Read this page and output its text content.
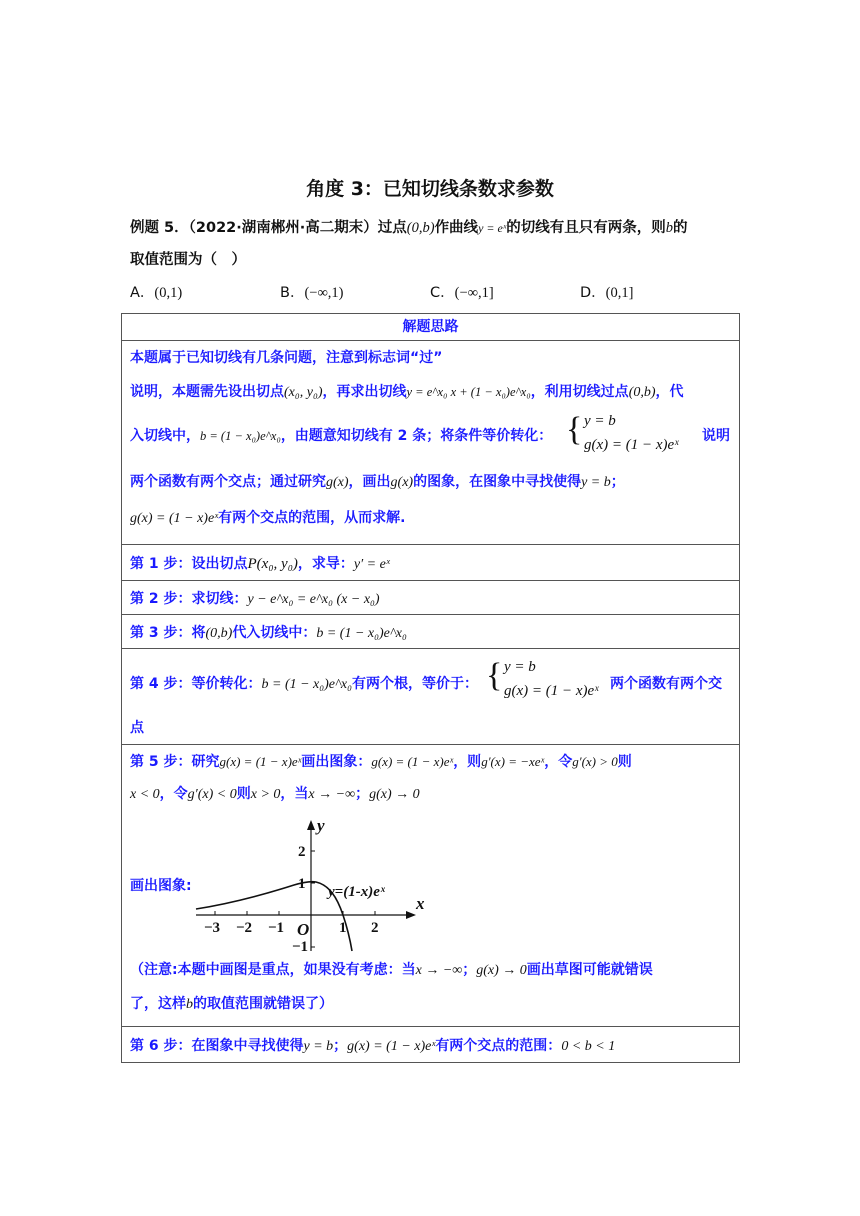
角度 3：已知切线条数求参数
例题 5．（2022·湖南郴州·高二期末）过点(0,b)作曲线y = eˣ的切线有且只有两条，则b的
取值范围为（　）
A．(0,1)	B．(−∞,1)	C．(−∞,1]	D．(0,1]
解题思路
本题属于已知切线有几条问题，注意到标志词“过”
说明，本题需先设出切点(x₀, y₀)，再求出切线y = e^x₀ x + (1 − x₀)e^x₀，利用切线过点(0,b)，代
入切线中，b = (1 − x₀)e^x₀，由题意知切线有 2 条；将条件等价转化： { y = b
g(x) = (1 − x)eˣ
说明
两个函数有两个交点；通过研究g(x)，画出g(x)的图象，在图象中寻找使得y = b；
g(x) = (1 − x)eˣ有两个交点的范围，从而求解.
第 1 步：设出切点P(x₀, y₀)，求导：y′ = eˣ
第 2 步：求切线：y − e^x₀ = e^x₀ (x − x₀)
第 3 步：将(0,b)代入切线中：b = (1 − x₀)e^x₀
第 4 步：等价转化：b = (1 − x₀)e^x₀有两个根，等价于： { y = b
g(x) = (1 − x)eˣ 两个函数有两个交
点
第 5 步：研究g(x) = (1 − x)eˣ画出图象：g(x) = (1 − x)eˣ，则g′(x) = −xeˣ，令g′(x) > 0则
x < 0，令g′(x) < 0则x > 0，当x → −∞；g(x) → 0
画出图象:
−3 −2 −1	1 2
2
1
−1
O
x
y
y=(1-x)eˣ
（注意:本题中画图是重点，如果没有考虑：当x → −∞；g(x) → 0画出草图可能就错误
了，这样b的取值范围就错误了）
第 6 步：在图象中寻找使得y = b；g(x) = (1 − x)eˣ有两个交点的范围：0 < b < 1
